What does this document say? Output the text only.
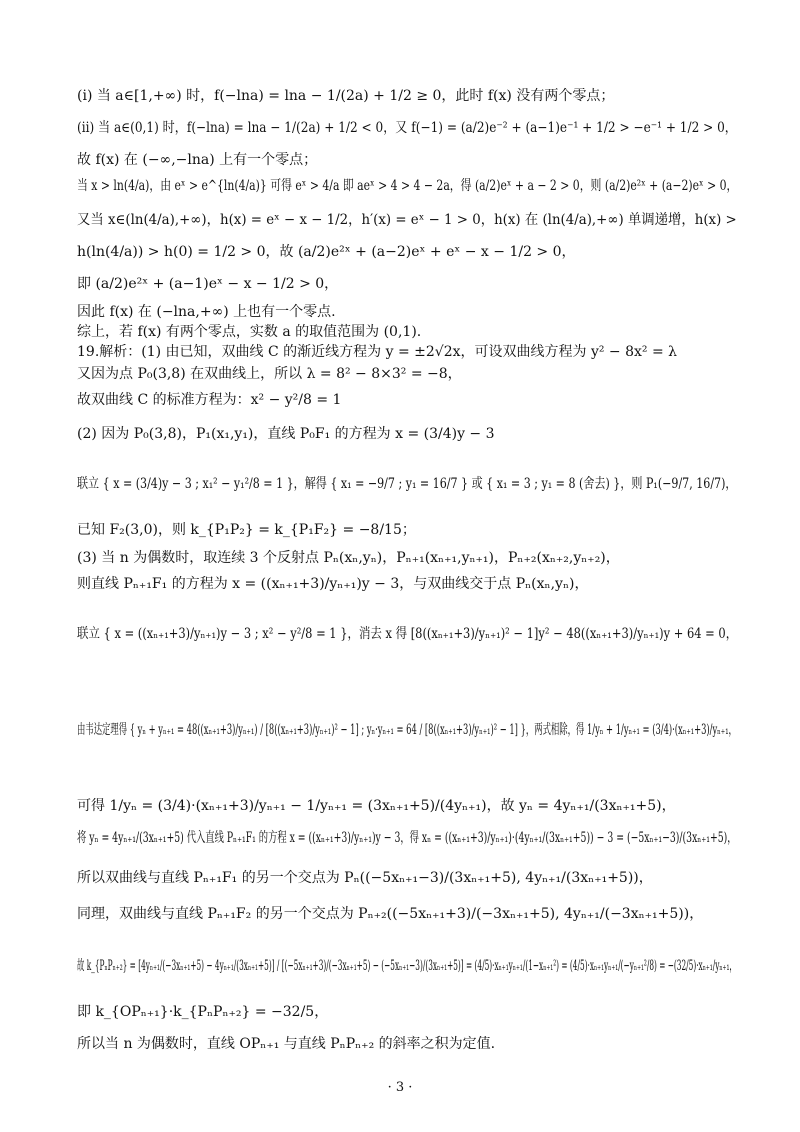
(i) 当 a∈[1,+∞) 时，f(−lna) = lna − 1/(2a) + 1/2 ≥ 0，此时 f(x) 没有两个零点；
(ii) 当 a∈(0,1) 时，f(−lna) = lna − 1/(2a) + 1/2 < 0，又 f(−1) = (a/2)e⁻² + (a−1)e⁻¹ + 1/2 > −e⁻¹ + 1/2 > 0，
故 f(x) 在 (−∞,−lna) 上有一个零点；
当 x > ln(4/a)，由 eˣ > e^{ln(4/a)} 可得 eˣ > 4/a 即 aeˣ > 4 > 4 − 2a，得 (a/2)eˣ + a − 2 > 0，则 (a/2)e²ˣ + (a−2)eˣ > 0，
又当 x∈(ln(4/a),+∞)，h(x) = eˣ − x − 1/2，h′(x) = eˣ − 1 > 0，h(x) 在 (ln(4/a),+∞) 单调递增，h(x) >
h(ln(4/a)) > h(0) = 1/2 > 0，故 (a/2)e²ˣ + (a−2)eˣ + eˣ − x − 1/2 > 0，
即 (a/2)e²ˣ + (a−1)eˣ − x − 1/2 > 0，
因此 f(x) 在 (−lna,+∞) 上也有一个零点.
综上，若 f(x) 有两个零点，实数 a 的取值范围为 (0,1).
19.解析：(1) 由已知，双曲线 C 的渐近线方程为 y = ±2√2x，可设双曲线方程为 y² − 8x² = λ
又因为点 P₀(3,8) 在双曲线上，所以 λ = 8² − 8×3² = −8，
故双曲线 C 的标准方程为：x² − y²/8 = 1
(2) 因为 P₀(3,8)，P₁(x₁,y₁)，直线 P₀F₁ 的方程为 x = (3/4)y − 3
联立 { x = (3/4)y − 3 ; x₁² − y₁²/8 = 1 }，解得 { x₁ = −9/7 ; y₁ = 16/7 } 或 { x₁ = 3 ; y₁ = 8 (舍去) }，则 P₁(−9/7, 16/7)，
已知 F₂(3,0)，则 k_{P₁P₂} = k_{P₁F₂} = −8/15；
(3) 当 n 为偶数时，取连续 3 个反射点 Pₙ(xₙ,yₙ)，Pₙ₊₁(xₙ₊₁,yₙ₊₁)，Pₙ₊₂(xₙ₊₂,yₙ₊₂)，
则直线 Pₙ₊₁F₁ 的方程为 x = ((xₙ₊₁+3)/yₙ₊₁)y − 3，与双曲线交于点 Pₙ(xₙ,yₙ)，
联立 { x = ((xₙ₊₁+3)/yₙ₊₁)y − 3 ; x² − y²/8 = 1 }，消去 x 得 [8((xₙ₊₁+3)/yₙ₊₁)² − 1]y² − 48((xₙ₊₁+3)/yₙ₊₁)y + 64 = 0，
由韦达定理得 { yₙ + yₙ₊₁ = 48((xₙ₊₁+3)/yₙ₊₁) / [8((xₙ₊₁+3)/yₙ₊₁)² − 1] ; yₙ·yₙ₊₁ = 64 / [8((xₙ₊₁+3)/yₙ₊₁)² − 1] }，两式相除，得 1/yₙ + 1/yₙ₊₁ = (3/4)·(xₙ₊₁+3)/yₙ₊₁，
可得 1/yₙ = (3/4)·(xₙ₊₁+3)/yₙ₊₁ − 1/yₙ₊₁ = (3xₙ₊₁+5)/(4yₙ₊₁)，故 yₙ = 4yₙ₊₁/(3xₙ₊₁+5)，
将 yₙ = 4yₙ₊₁/(3xₙ₊₁+5) 代入直线 Pₙ₊₁F₁ 的方程 x = ((xₙ₊₁+3)/yₙ₊₁)y − 3，得 xₙ = ((xₙ₊₁+3)/yₙ₊₁)·(4yₙ₊₁/(3xₙ₊₁+5)) − 3 = (−5xₙ₊₁−3)/(3xₙ₊₁+5)，
所以双曲线与直线 Pₙ₊₁F₁ 的另一个交点为 Pₙ((−5xₙ₊₁−3)/(3xₙ₊₁+5), 4yₙ₊₁/(3xₙ₊₁+5))，
同理，双曲线与直线 Pₙ₊₁F₂ 的另一个交点为 Pₙ₊₂((−5xₙ₊₁+3)/(−3xₙ₊₁+5), 4yₙ₊₁/(−3xₙ₊₁+5))，
故 k_{PₙPₙ₊₂} = [4yₙ₊₁/(−3xₙ₊₁+5) − 4yₙ₊₁/(3xₙ₊₁+5)] / [(−5xₙ₊₁+3)/(−3xₙ₊₁+5) − (−5xₙ₊₁−3)/(3xₙ₊₁+5)] = (4/5)·xₙ₊₁yₙ₊₁/(1−xₙ₊₁²) = (4/5)·xₙ₊₁yₙ₊₁/(−yₙ₊₁²/8) = −(32/5)·xₙ₊₁/yₙ₊₁，
即 k_{OPₙ₊₁}·k_{PₙPₙ₊₂} = −32/5，
所以当 n 为偶数时，直线 OPₙ₊₁ 与直线 PₙPₙ₊₂ 的斜率之积为定值.
· 3 ·
